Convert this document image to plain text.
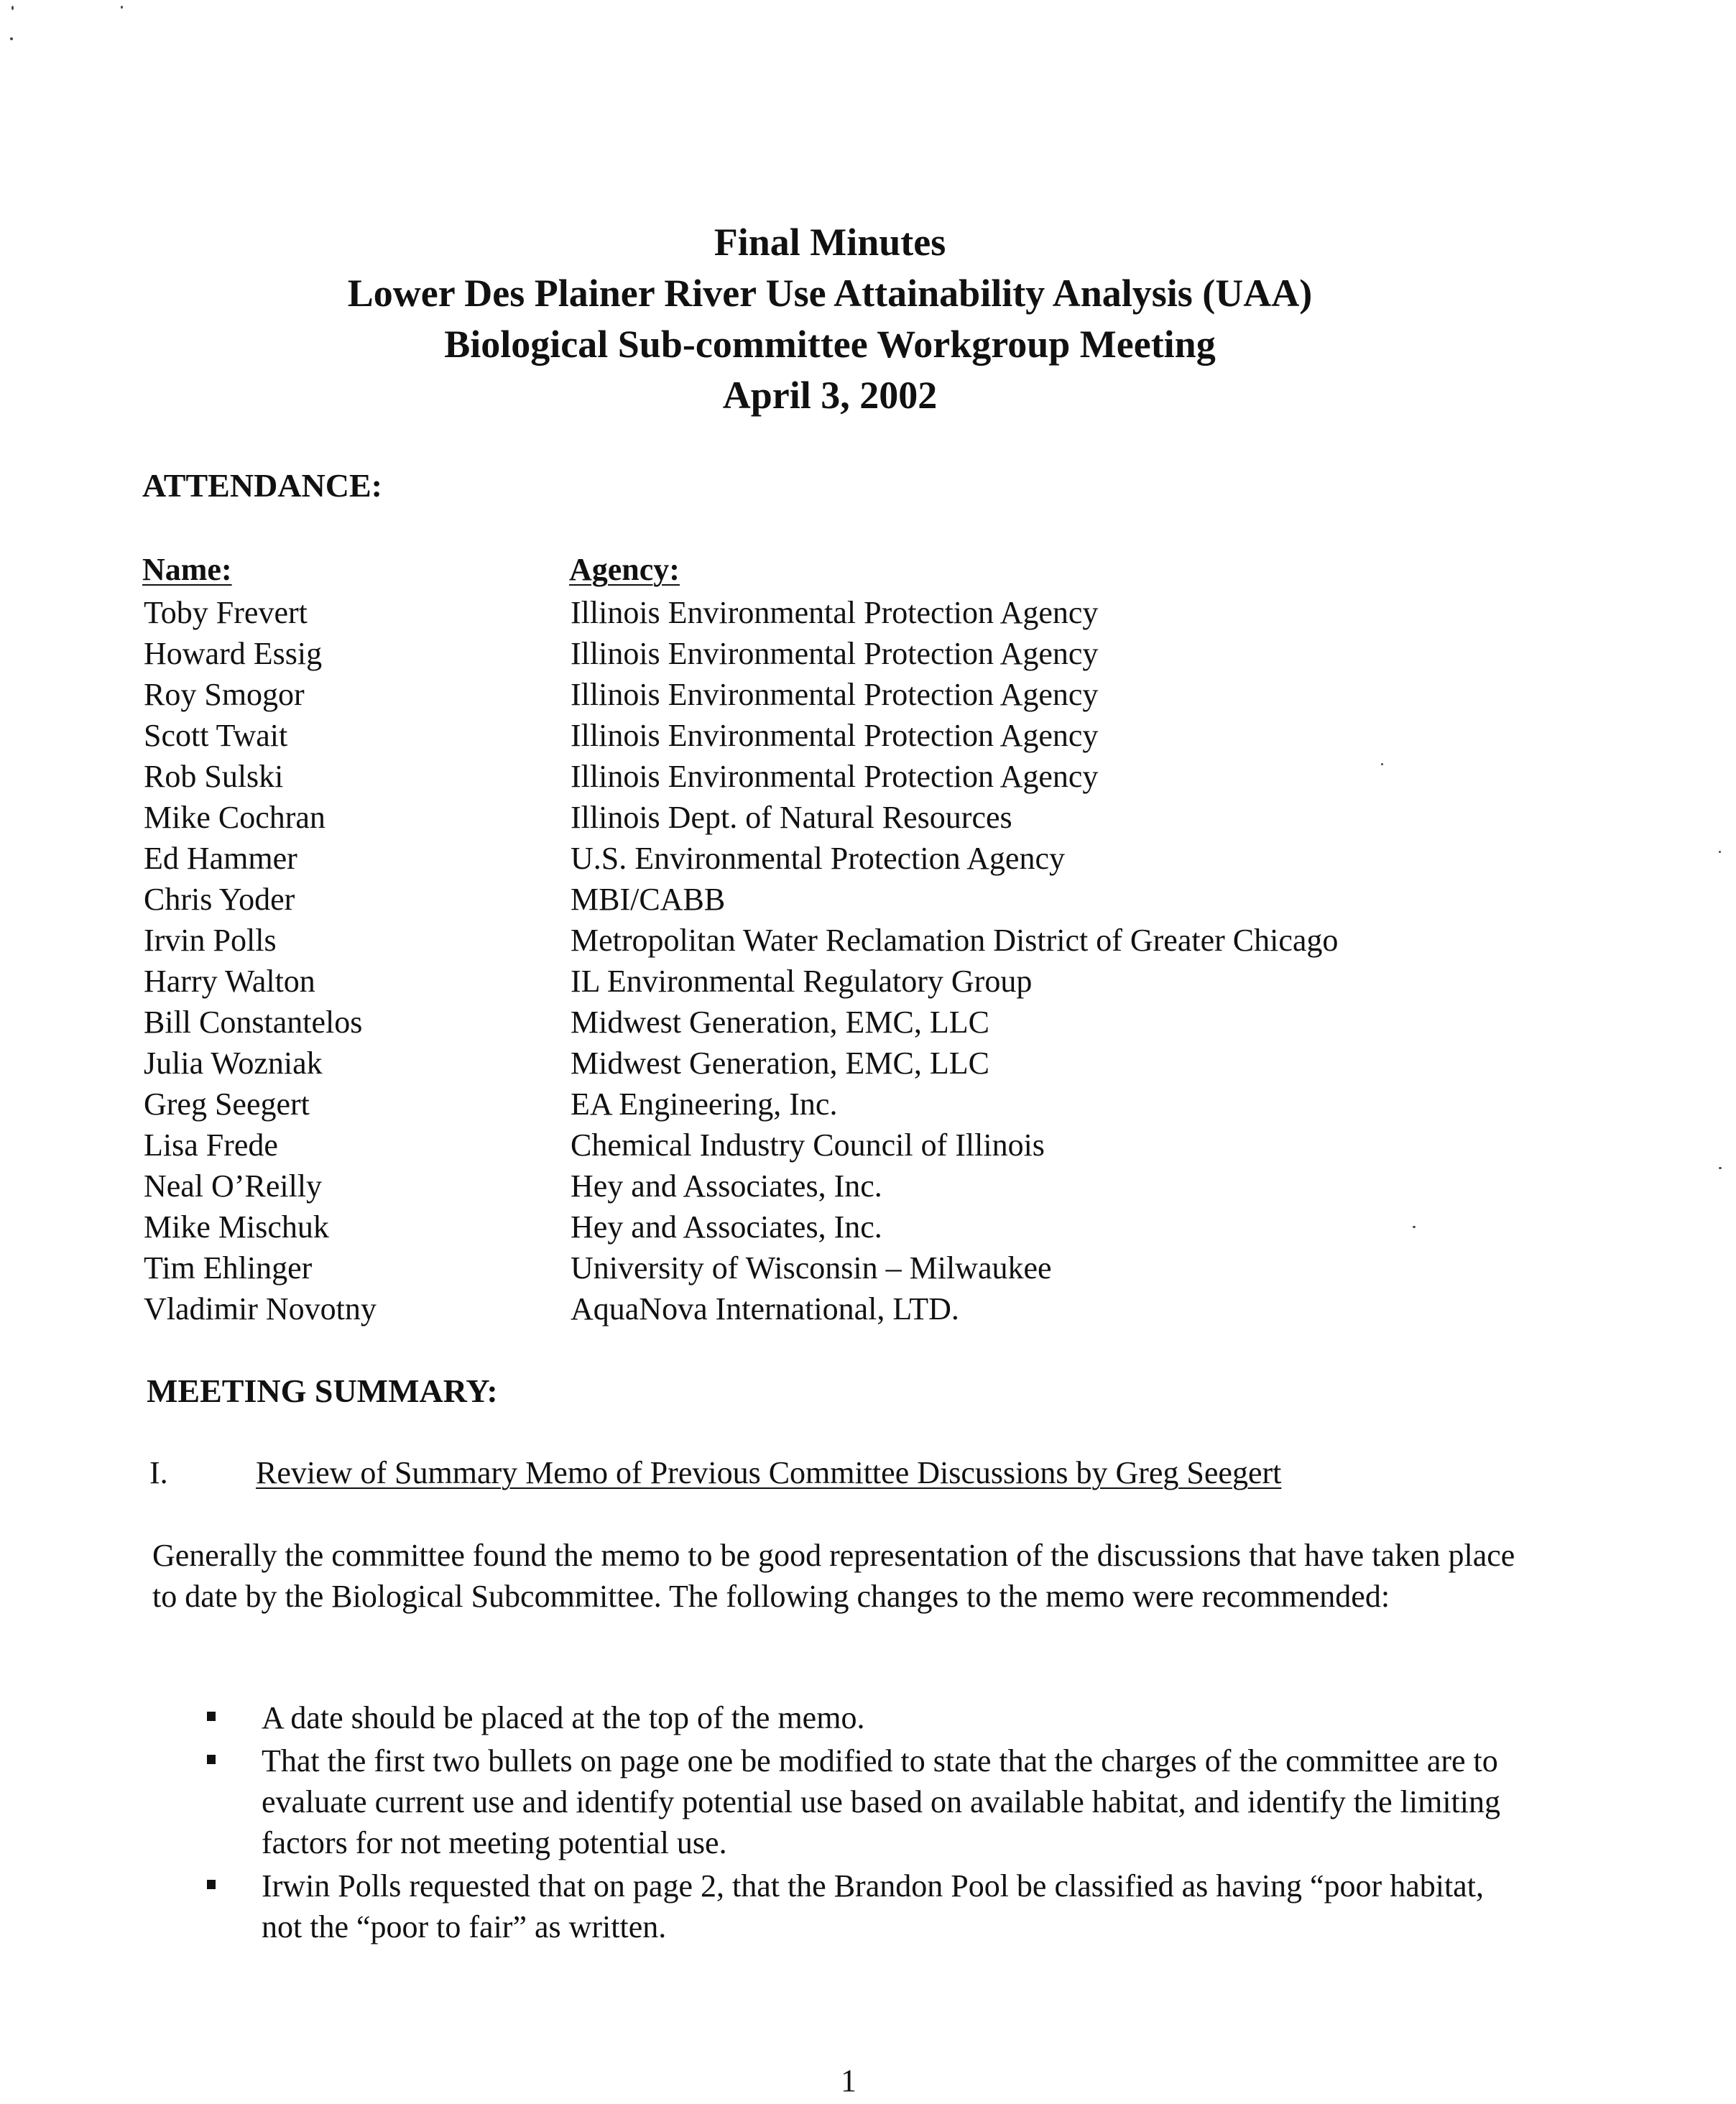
Final Minutes
Lower Des Plainer River Use Attainability Analysis (UAA)
Biological Sub-committee Workgroup Meeting
April 3, 2002
ATTENDANCE:
Name:	Agency:
Toby Frevert	Illinois Environmental Protection Agency
Howard Essig	Illinois Environmental Protection Agency
Roy Smogor	Illinois Environmental Protection Agency
Scott Twait	Illinois Environmental Protection Agency
Rob Sulski	Illinois Environmental Protection Agency
Mike Cochran	Illinois Dept. of Natural Resources
Ed Hammer	U.S. Environmental Protection Agency
Chris Yoder	MBI/CABB
Irvin Polls	Metropolitan Water Reclamation District of Greater Chicago
Harry Walton	IL Environmental Regulatory Group
Bill Constantelos	Midwest Generation, EMC, LLC
Julia Wozniak	Midwest Generation, EMC, LLC
Greg Seegert	EA Engineering, Inc.
Lisa Frede	Chemical Industry Council of Illinois
Neal O’Reilly	Hey and Associates, Inc.
Mike Mischuk	Hey and Associates, Inc.
Tim Ehlinger	University of Wisconsin – Milwaukee
Vladimir Novotny	AquaNova International, LTD.
MEETING SUMMARY:
I.	Review of Summary Memo of Previous Committee Discussions by Greg Seegert
Generally the committee found the memo to be good representation of the discussions that have taken place to date by the Biological Subcommittee. The following changes to the memo were recommended:
A date should be placed at the top of the memo.
That the first two bullets on page one be modified to state that the charges of the committee are to evaluate current use and identify potential use based on available habitat, and identify the limiting factors for not meeting potential use.
Irwin Polls requested that on page 2, that the Brandon Pool be classified as having “poor habitat, not the “poor to fair” as written.
1
